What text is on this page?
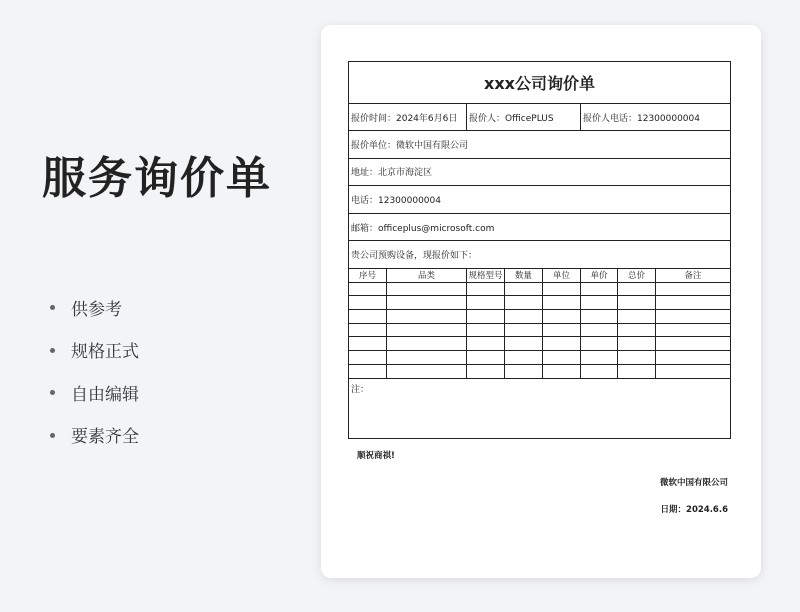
服务询价单
供参考
规格正式
自由编辑
要素齐全
xxx公司询价单
报价时间：2024年6月6日	报价人：OfficePLUS	报价人电话：12300000004
报价单位：微软中国有限公司
地址：北京市海淀区
电话：12300000004
邮箱：officeplus@microsoft.com
贵公司预购设备，现报价如下：
序号	品类	规格型号	数量	单位	单价	总价	备注
注：
顺祝商祺!
微软中国有限公司
日期：2024.6.6
